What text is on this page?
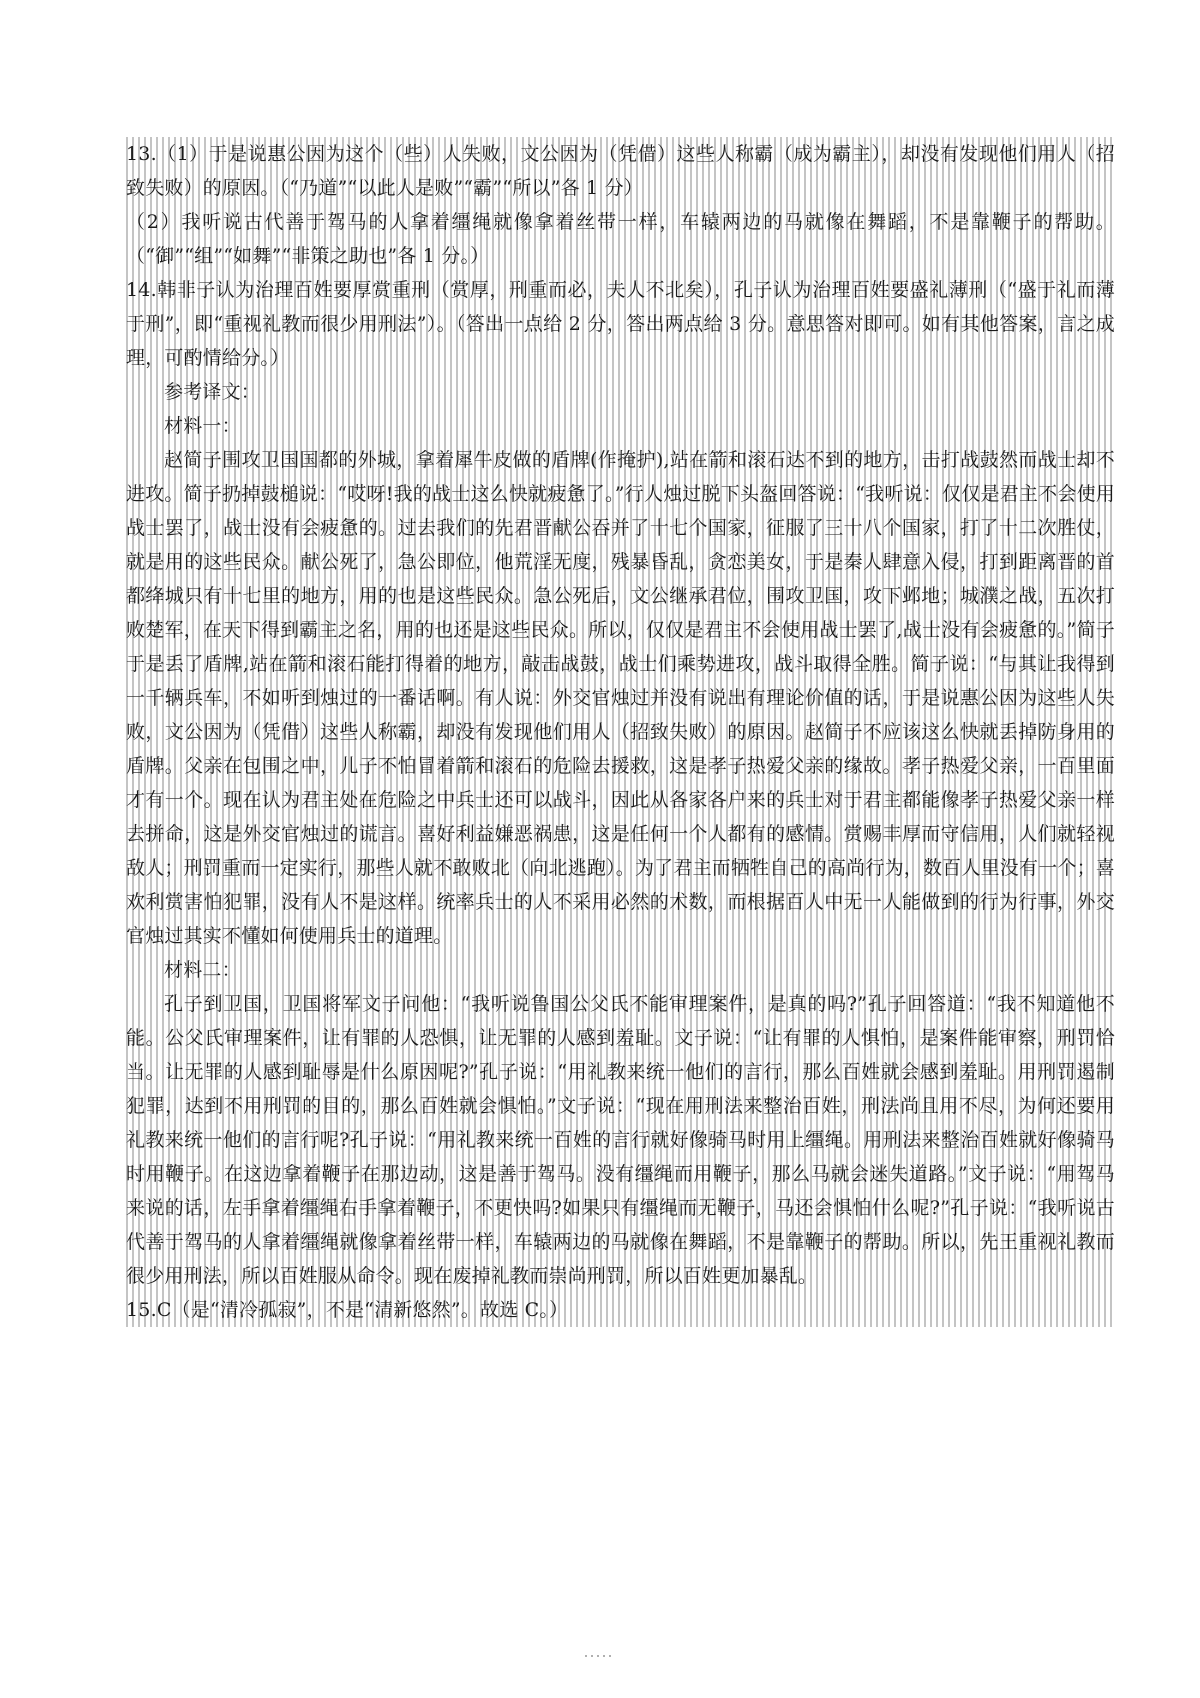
13.（1）于是说惠公因为这个（些）人失败，文公因为（凭借）这些人称霸（成为霸主），却没有发现他们用人（招致失败）的原因。（“乃道”“以此人是败”“霸”“所以”各 1 分）

（2）我听说古代善于驾马的人拿着缰绳就像拿着丝带一样，车辕两边的马就像在舞蹈，不是靠鞭子的帮助。（“御”“组”“如舞”“非策之助也”各 1 分。）

14.韩非子认为治理百姓要厚赏重刑（赏厚，刑重而必，夫人不北矣），孔子认为治理百姓要盛礼薄刑（“盛于礼而薄于刑”，即“重视礼教而很少用刑法”）。（答出一点给 2 分，答出两点给 3 分。意思答对即可。如有其他答案，言之成理，可酌情给分。）

参考译文：

材料一：

赵简子围攻卫国国都的外城，拿着犀牛皮做的盾牌(作掩护),站在箭和滚石达不到的地方，击打战鼓然而战士却不进攻。简子扔掉鼓槌说：“哎呀!我的战士这么快就疲惫了。”行人烛过脱下头盔回答说：“我听说：仅仅是君主不会使用战士罢了，战士没有会疲惫的。过去我们的先君晋献公吞并了十七个国家，征服了三十八个国家，打了十二次胜仗，就是用的这些民众。献公死了，急公即位，他荒淫无度，残暴昏乱，贪恋美女，于是秦人肆意入侵，打到距离晋的首都绛城只有十七里的地方，用的也是这些民众。急公死后，文公继承君位，围攻卫国，攻下邺地；城濮之战，五次打败楚军，在天下得到霸主之名，用的也还是这些民众。所以，仅仅是君主不会使用战士罢了,战士没有会疲惫的。”简子于是丢了盾牌,站在箭和滚石能打得着的地方，敲击战鼓，战士们乘势进攻，战斗取得全胜。简子说：“与其让我得到一千辆兵车，不如听到烛过的一番话啊。有人说：外交官烛过并没有说出有理论价值的话，于是说惠公因为这些人失败，文公因为（凭借）这些人称霸，却没有发现他们用人（招致失败）的原因。赵简子不应该这么快就丢掉防身用的盾牌。父亲在包围之中，儿子不怕冒着箭和滚石的危险去援救，这是孝子热爱父亲的缘故。孝子热爱父亲，一百里面才有一个。现在认为君主处在危险之中兵士还可以战斗，因此从各家各户来的兵士对于君主都能像孝子热爱父亲一样去拼命，这是外交官烛过的谎言。喜好利益嫌恶祸患，这是任何一个人都有的感情。赏赐丰厚而守信用，人们就轻视敌人；刑罚重而一定实行，那些人就不敢败北（向北逃跑）。为了君主而牺牲自己的高尚行为，数百人里没有一个；喜欢利赏害怕犯罪，没有人不是这样。统率兵士的人不采用必然的术数，而根据百人中无一人能做到的行为行事，外交官烛过其实不懂如何使用兵士的道理。

材料二：

孔子到卫国，卫国将军文子问他：“我听说鲁国公父氏不能审理案件，是真的吗?”孔子回答道：“我不知道他不能。公父氏审理案件，让有罪的人恐惧，让无罪的人感到羞耻。文子说：“让有罪的人惧怕，是案件能审察，刑罚恰当。让无罪的人感到耻辱是什么原因呢?”孔子说：“用礼教来统一他们的言行，那么百姓就会感到羞耻。用刑罚遏制犯罪，达到不用刑罚的目的，那么百姓就会惧怕。”文子说：“现在用刑法来整治百姓，刑法尚且用不尽，为何还要用礼教来统一他们的言行呢?孔子说：“用礼教来统一百姓的言行就好像骑马时用上缰绳。用刑法来整治百姓就好像骑马时用鞭子。在这边拿着鞭子在那边动，这是善于驾马。没有缰绳而用鞭子，那么马就会迷失道路。”文子说：“用驾马来说的话，左手拿着缰绳右手拿着鞭子，不更快吗?如果只有缰绳而无鞭子，马还会惧怕什么呢?”孔子说：“我听说古代善于驾马的人拿着缰绳就像拿着丝带一样，车辕两边的马就像在舞蹈，不是靠鞭子的帮助。所以，先王重视礼教而很少用刑法，所以百姓服从命令。现在废掉礼教而崇尚刑罚，所以百姓更加暴乱。

15.C（是“清冷孤寂”，不是“清新悠然”。故选 C。）
